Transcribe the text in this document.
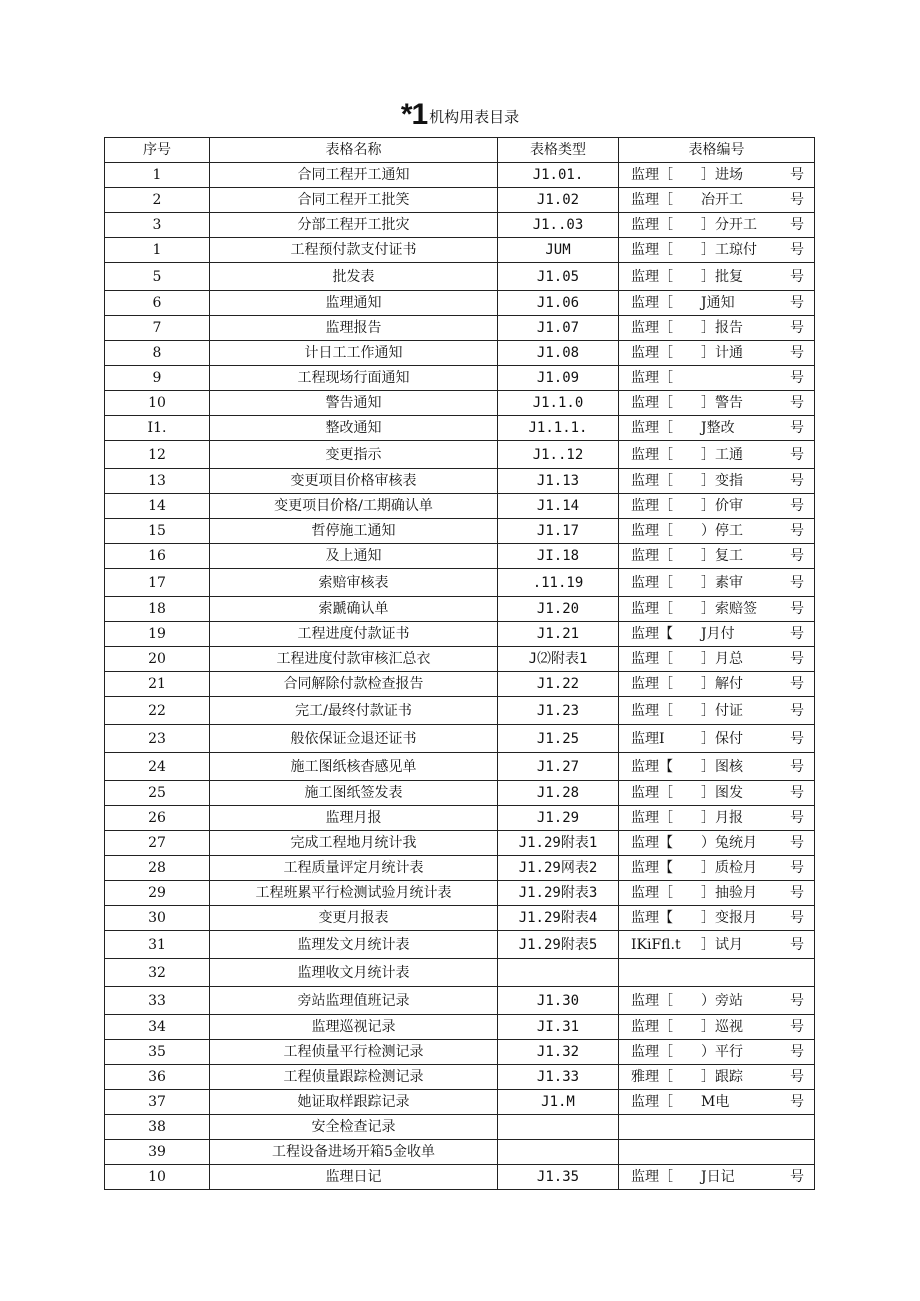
*1 机构用表目录
序号	表格名称	表格类型	表格编号
1	合同工程开工通知	J1.01.	监理［ ］进场 号

2	合同工程开工批笑	J1.02	监理［ 冶开工 号

3	分部工程开工批灾	J1..03	监理［ ］分开工 号

1	工程预付款支付证书	JUM	监理［ ］工琼付 号

5	批发表	J1.05	监理［ ］批复 号

6	监理通知	J1.06	监理［ J通知 号

7	监理报告	J1.07	监理［ ］报告 号

8	计日工工作通知	J1.08	监理［ ］计通 号

9	工程现场行面通知	J1.09	监理［ 号

10	警告通知	J1.1.0	监理［ ］警告 号

I1.	整改通知	J1.1.1.	监理［ J整改 号

12	变更指示	J1..12	监理［ ］工通 号

13	变更项目价格审核表	J1.13	监理［ ］变指 号

14	变更项目价格/工期确认单	J1.14	监理［ ］价审 号

15	哲停施工通知	J1.17	监理［ ）停工 号

16	及上通知	JI.18	监理［ ］复工 号

17	索赔审核表	.11.19	监理［ ］素审 号

18	索蹏确认单	J1.20	监理［ ］索赔签 号

19	工程进度付款证书	J1.21	监理【 J月付 号

20	工程进度付款审核汇总衣	J⑵附表1	监理［ ］月总 号

21	合同解除付款检查报告	J1.22	监理［ ］解付 号

22	完工/最终付款证书	J1.23	监理［ ］付证 号

23	般依保证佥退还证书	J1.25	监理I ］保付 号

24	施工图纸核杳感见单	J1.27	监理【 ］图核 号

25	施工图纸签发表	J1.28	监理［ ］图发 号

26	监理月报	J1.29	监理［ ］月报 号

27	完成工程地月统计我	J1.29附表1	监理【 ）兔统月 号

28	工程质量评定月统计表	J1.29网表2	监理【 ］质检月 号

29	工程班累平行检测试验月统计表	J1.29附表3	监理［ ］抽验月 号

30	变更月报表	J1.29附表4	监理【 ］变报月 号

31	监理发文月统计表	J1.29附表5	IKiFfl.t ］试月 号

32	监理收文月统计表		

33	旁站监理值班记录	J1.30	监理［ ）旁站 号

34	监理巡视记录	JI.31	监理［ ］巡视 号

35	工程侦量平行检测记录	J1.32	监理［ ）平行 号

36	工程侦量跟踪检测记录	J1.33	雅理［ ］跟踪 号

37	她证取样跟踪记录	J1.M	监理［ M电 号

38	安全检查记录		

39	工程设备进场开箱5金收单		

10	监理日记	J1.35	监理［ J日记 号
